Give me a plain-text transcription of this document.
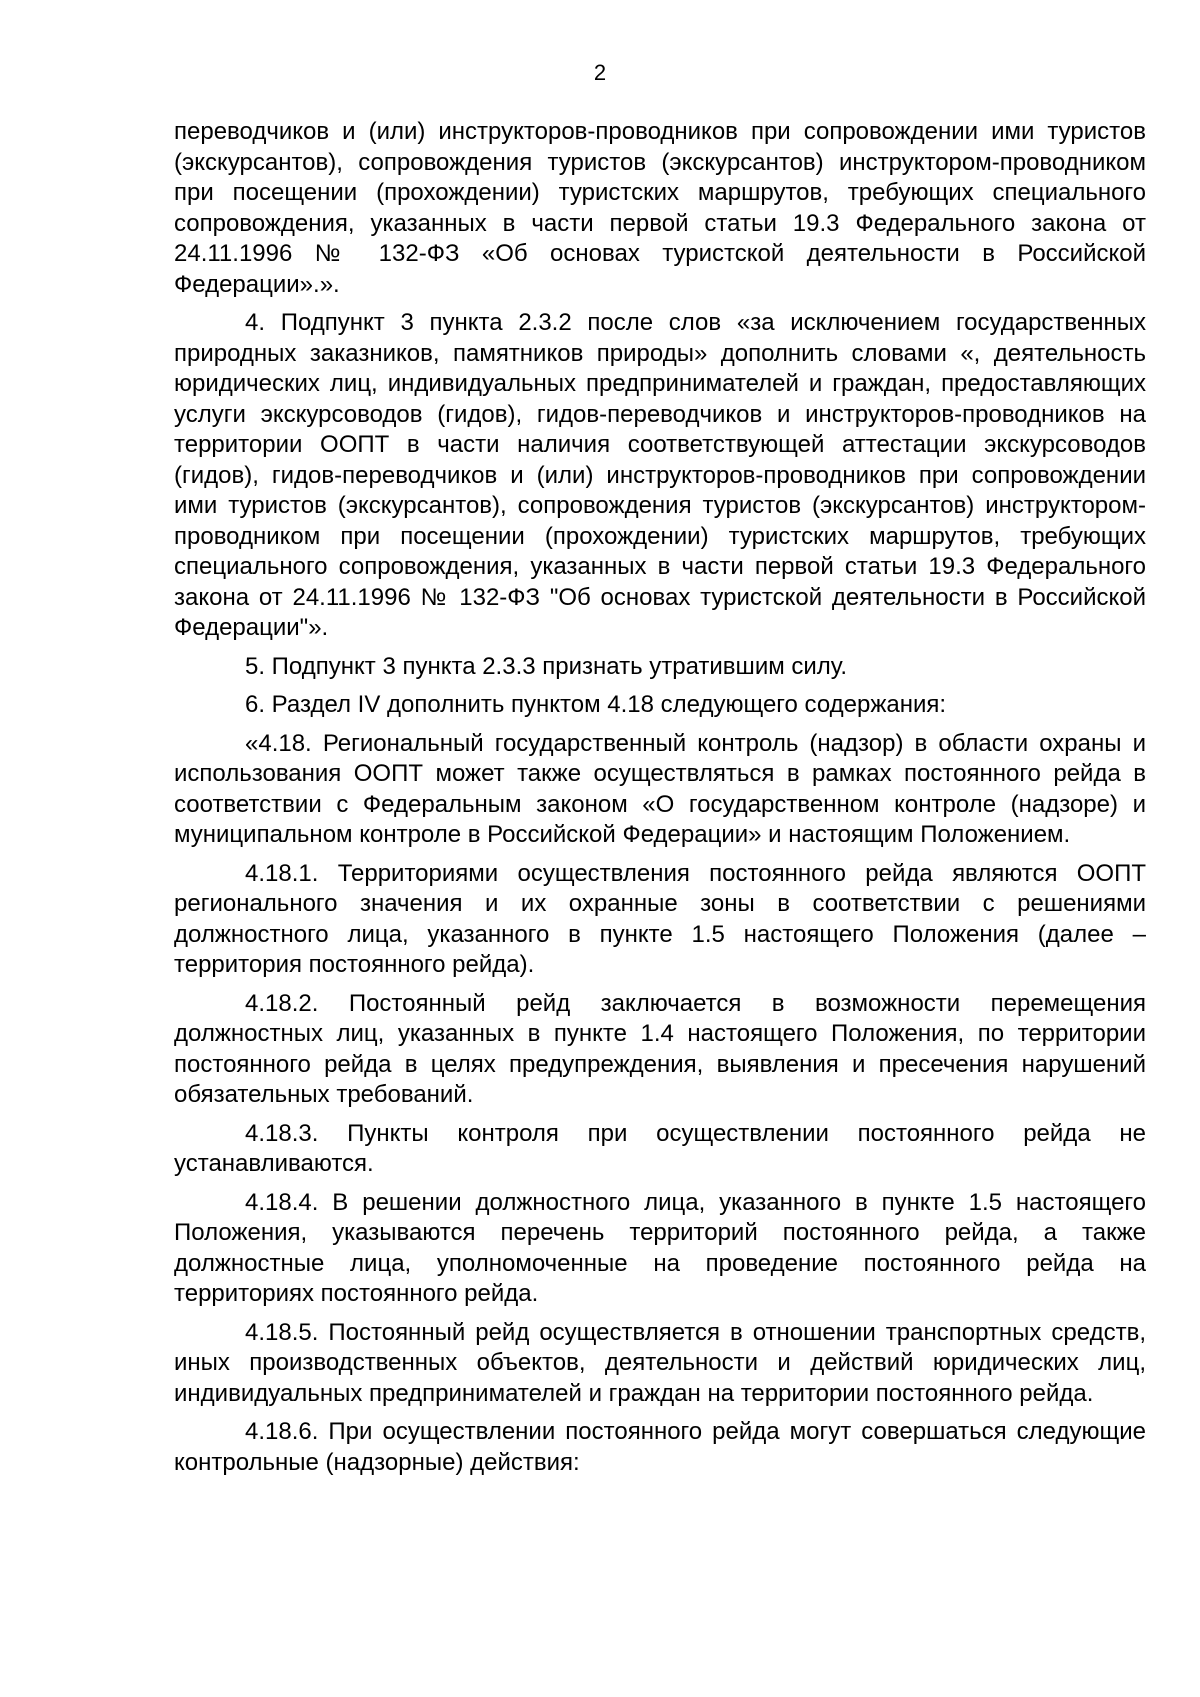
2

переводчиков и (или) инструкторов-проводников при сопровождении ими туристов (экскурсантов), сопровождения туристов (экскурсантов) инструктором-проводником при посещении (прохождении) туристских маршрутов, требующих специального сопровождения, указанных в части первой статьи 19.3 Федерального закона от 24.11.1996 № 132-ФЗ «Об основах туристской деятельности в Российской Федерации».».

4. Подпункт 3 пункта 2.3.2 после слов «за исключением государственных природных заказников, памятников природы» дополнить словами «, деятельность юридических лиц, индивидуальных предпринимателей и граждан, предоставляющих услуги экскурсоводов (гидов), гидов-переводчиков и инструкторов-проводников на территории ООПТ в части наличия соответствующей аттестации экскурсоводов (гидов), гидов-переводчиков и (или) инструкторов-проводников при сопровождении ими туристов (экскурсантов), сопровождения туристов (экскурсантов) инструктором-проводником при посещении (прохождении) туристских маршрутов, требующих специального сопровождения, указанных в части первой статьи 19.3 Федерального закона от 24.11.1996 № 132-ФЗ "Об основах туристской деятельности в Российской Федерации"».

5. Подпункт 3 пункта 2.3.3 признать утратившим силу.

6. Раздел IV дополнить пунктом 4.18 следующего содержания:

«4.18. Региональный государственный контроль (надзор) в области охраны и использования ООПТ может также осуществляться в рамках постоянного рейда в соответствии с Федеральным законом «О государственном контроле (надзоре) и муниципальном контроле в Российской Федерации» и настоящим Положением.

4.18.1. Территориями осуществления постоянного рейда являются ООПТ регионального значения и их охранные зоны в соответствии с решениями должностного лица, указанного в пункте 1.5 настоящего Положения (далее – территория постоянного рейда).

4.18.2. Постоянный рейд заключается в возможности перемещения должностных лиц, указанных в пункте 1.4 настоящего Положения, по территории постоянного рейда в целях предупреждения, выявления и пресечения нарушений обязательных требований.

4.18.3. Пункты контроля при осуществлении постоянного рейда не устанавливаются.

4.18.4. В решении должностного лица, указанного в пункте 1.5 настоящего Положения, указываются перечень территорий постоянного рейда, а также должностные лица, уполномоченные на проведение постоянного рейда на территориях постоянного рейда.

4.18.5. Постоянный рейд осуществляется в отношении транспортных средств, иных производственных объектов, деятельности и действий юридических лиц, индивидуальных предпринимателей и граждан на территории постоянного рейда.

4.18.6. При осуществлении постоянного рейда могут совершаться следующие контрольные (надзорные) действия:
